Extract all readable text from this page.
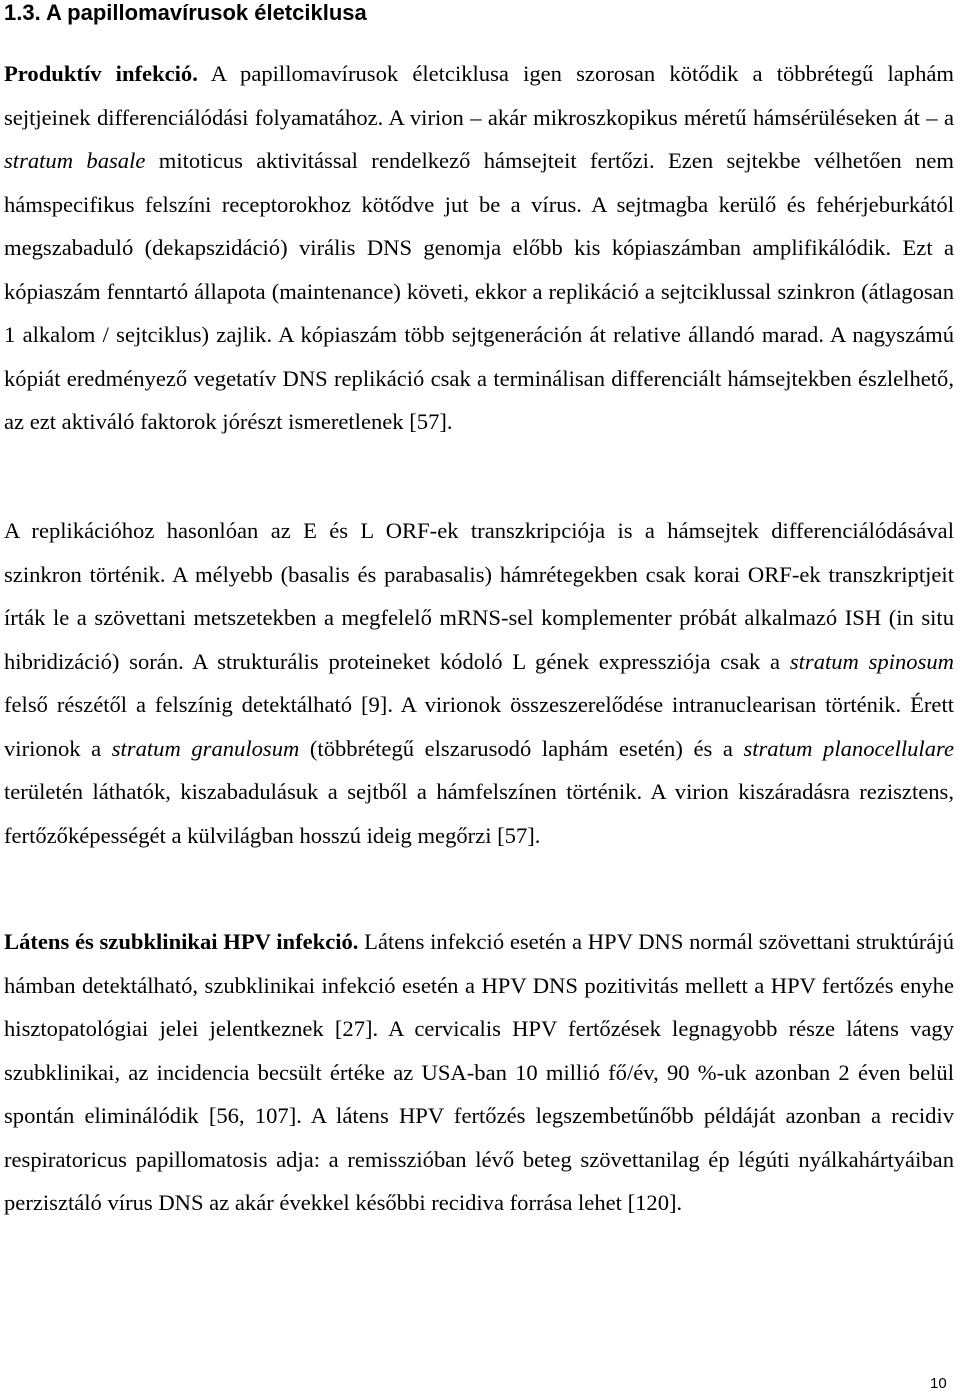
1.3. A papillomavírusok életciklusa

Produktív infekció. A papillomavírusok életciklusa igen szorosan kötődik a többrétegű laphám sejtjeinek differenciálódási folyamatához. A virion – akár mikroszkopikus méretű hámsérüléseken át – a stratum basale mitoticus aktivitással rendelkező hámsejteit fertőzi. Ezen sejtekbe vélhetően nem hámspecifikus felszíni receptorokhoz kötődve jut be a vírus. A sejtmagba kerülő és fehérjeburkától megszabaduló (dekapszidáció) virális DNS genomja előbb kis kópiaszámban amplifikálódik. Ezt a kópiaszám fenntartó állapota (maintenance) követi, ekkor a replikáció a sejtciklussal szinkron (átlagosan 1 alkalom / sejtciklus) zajlik. A kópiaszám több sejtgeneráción át relative állandó marad. A nagyszámú kópiát eredményező vegetatív DNS replikáció csak a terminálisan differenciált hámsejtekben észlelhető, az ezt aktiváló faktorok jórészt ismeretlenek [57].

A replikációhoz hasonlóan az E és L ORF-ek transzkripciója is a hámsejtek differenciálódásával szinkron történik. A mélyebb (basalis és parabasalis) hámrétegekben csak korai ORF-ek transzkriptjeit írták le a szövettani metszetekben a megfelelő mRNS-sel komplementer próbát alkalmazó ISH (in situ hibridizáció) során. A strukturális proteineket kódoló L gének expressziója csak a stratum spinosum felső részétől a felszínig detektálható [9]. A virionok összeszerelődése intranuclearisan történik. Érett virionok a stratum granulosum (többrétegű elszarusodó laphám esetén) és a stratum planocellulare területén láthatók, kiszabadulásuk a sejtből a hámfelszínen történik. A virion kiszáradásra rezisztens, fertőzőképességét a külvilágban hosszú ideig megőrzi [57].

Látens és szubklinikai HPV infekció. Látens infekció esetén a HPV DNS normál szövettani struktúrájú hámban detektálható, szubklinikai infekció esetén a HPV DNS pozitivitás mellett a HPV fertőzés enyhe hisztopatológiai jelei jelentkeznek [27]. A cervicalis HPV fertőzések legnagyobb része látens vagy szubklinikai, az incidencia becsült értéke az USA-ban 10 millió fő/év, 90 %-uk azonban 2 éven belül spontán eliminálódik [56, 107]. A látens HPV fertőzés legszembetűnőbb példáját azonban a recidiv respiratoricus papillomatosis adja: a remisszióban lévő beteg szövettanilag ép légúti nyálkahártyáiban perzisztáló vírus DNS az akár évekkel későbbi recidiva forrása lehet [120].

10
